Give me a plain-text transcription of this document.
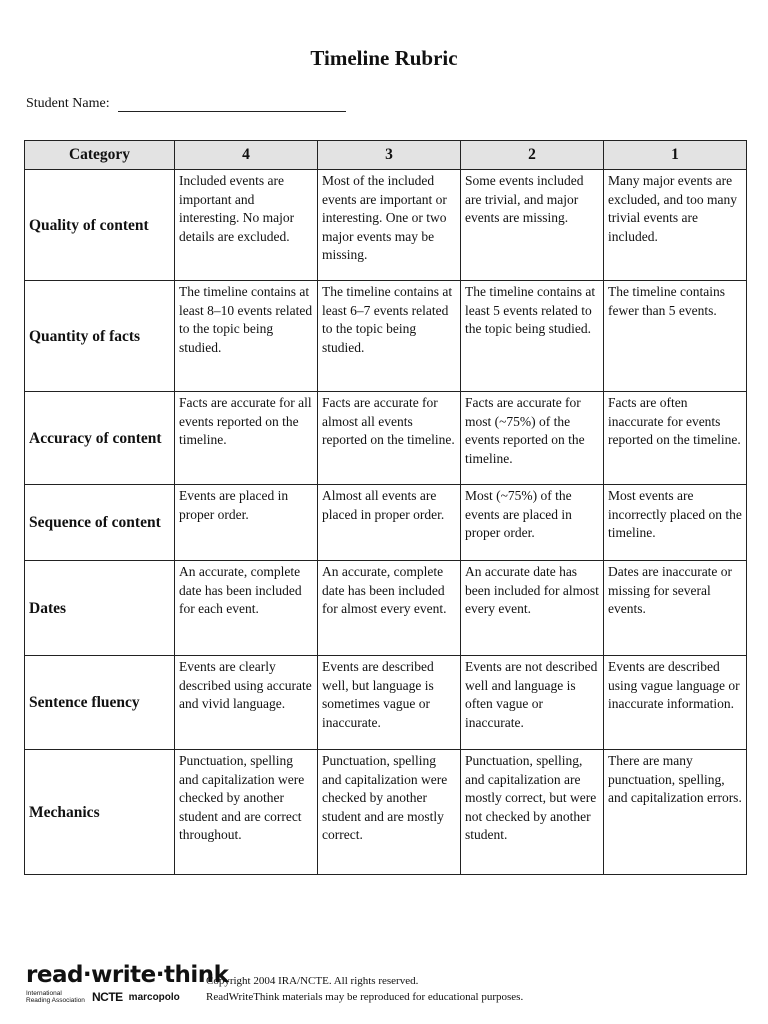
Timeline Rubric
Student Name:
Category	4	3	2	1
Quality of content	Included events are important and interesting. No major details are excluded.	Most of the included events are important or interesting. One or two major events may be missing.	Some events included are trivial, and major events are missing.	Many major events are excluded, and too many trivial events are included.
Quantity of facts	The timeline contains at least 8–10 events related to the topic being studied.	The timeline contains at least 6–7 events related to the topic being studied.	The timeline contains at least 5 events related to the topic being studied.	The timeline contains fewer than 5 events.
Accuracy of content	Facts are accurate for all events reported on the timeline.	Facts are accurate for almost all events reported on the timeline.	Facts are accurate for most (~75%) of the events reported on the timeline.	Facts are often inaccurate for events reported on the timeline.
Sequence of content	Events are placed in proper order.	Almost all events are placed in proper order.	Most (~75%) of the events are placed in proper order.	Most events are incorrectly placed on the timeline.
Dates	An accurate, complete date has been included for each event.	An accurate, complete date has been included for almost every event.	An accurate date has been included for almost every event.	Dates are inaccurate or missing for several events.
Sentence fluency	Events are clearly described using accurate and vivid language.	Events are described well, but language is sometimes vague or inaccurate.	Events are not described well and language is often vague or inaccurate.	Events are described using vague language or inaccurate information.
Mechanics	Punctuation, spelling and capitalization were checked by another student and are correct throughout.	Punctuation, spelling and capitalization were checked by another student and are mostly correct.	Punctuation, spelling, and capitalization are mostly correct, but were not checked by another student.	There are many punctuation, spelling, and capitalization errors.
read·write·think
International Reading Association NCTE marcopolo
Copyright 2004 IRA/NCTE. All rights reserved.
ReadWriteThink materials may be reproduced for educational purposes.
